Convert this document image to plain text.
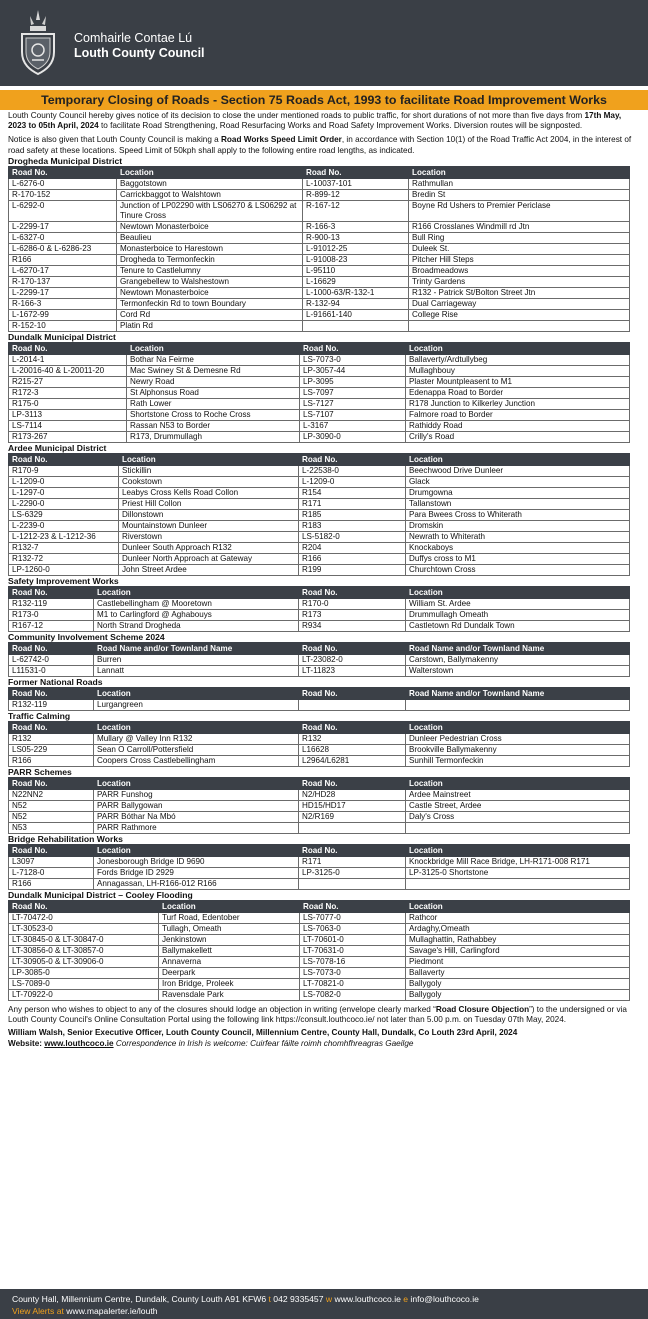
Comhairle Contae Lú
Louth County Council
Temporary Closing of Roads - Section 75 Roads Act, 1993 to facilitate Road Improvement Works

Louth County Council hereby gives notice of its decision to close the under mentioned roads to public traffic, for short durations of not more than five days from 17th May, 2023 to 05th April, 2024 to facilitate Road Strengthening, Road Resurfacing Works and Road Safety Improvement Works. Diversion routes will be signposted.

Notice is also given that Louth County Council is making a Road Works Speed Limit Order, in accordance with Section 10(1) of the Road Traffic Act 2004, in the interest of road safety at these locations. Speed Limit of 50kph shall apply to the following entire road lengths, as indicated.

Drogheda Municipal District
Road No.	Location	Road No.	Location
L-6276-0	Baggotstown	L-10037-101	Rathmullan
R-170-152	Carrickbaggot to Walshtown	R-899-12	Bredin St
L-6292-0	Junction of LP02290 with LS06270 & LS06292 at Tinure Cross	R-167-12	Boyne Rd Ushers to Premier Periclase
L-2299-17	Newtown Monasterboice	R-166-3	R166 Crosslanes Windmill rd Jtn
L-6327-0	Beaulieu	R-900-13	Bull Ring
L-6286-0 & L-6286-23	Monasterboice to Harestown	L-91012-25	Duleek St.
R166	Drogheda to Termonfeckin	L-91008-23	Pitcher Hill Steps
L-6270-17	Tenure to Castlelumny	L-95110	Broadmeadows
R-170-137	Grangebellew to Walshestown	L-16629	Trinty Gardens
L-2299-17	Newtown Monasterboice	L-1000-63/R-132-1	R132 - Patrick St/Bolton Street Jtn
R-166-3	Termonfeckin Rd to town Boundary	R-132-94	Dual Carriageway
L-1672-99	Cord Rd	L-91661-140	College Rise
R-152-10	Platin Rd		
Dundalk Municipal District
Road No.	Location	Road No.	Location
L-2014-1	Bothar Na Feirme	LS-7073-0	Ballaverty/Ardtullybeg
L-20016-40 & L-20011-20	Mac Swiney St & Demesne Rd	LP-3057-44	Mullaghbouy
R215-27	Newry Road	LP-3095	Plaster Mountpleasent to M1
R172-3	St Alphonsus Road	LS-7097	Edenappa Road to Border
R175-0	Rath Lower	LS-7127	R178 Junction to Kilkerley Junction
LP-3113	Shortstone Cross to Roche Cross	LS-7107	Falmore road to Border
LS-7114	Rassan N53 to Border	L-3167	Rathiddy Road
R173-267	R173, Drummullagh	LP-3090-0	Crilly's Road
Ardee Municipal District
Road No.	Location	Road No.	Location
R170-9	Stickillin	L-22538-0	Beechwood Drive Dunleer
L-1209-0	Cookstown	L-1209-0	Glack
L-1297-0	Leabys Cross Kells Road Collon	R154	Drumgowna
L-2290-0	Priest Hill Collon	R171	Tallanstown
LS-6329	Dillonstown	R185	Para Bwees Cross to Whiterath
L-2239-0	Mountainstown Dunleer	R183	Dromskin
L-1212-23 & L-1212-36	Riverstown	LS-5182-0	Newrath to Whiterath
R132-7	Dunleer South Approach R132	R204	Knockaboys
R132-72	Dunleer North Approach at Gateway	R166	Duffys cross to M1
LP-1260-0	John Street Ardee	R199	Churchtown Cross
Safety Improvement Works
Road No.	Location	Road No.	Location
R132-119	Castlebellingham @ Mooretown	R170-0	William St. Ardee
R173-0	M1 to Carlingford @ Aghabouys	R173	Drummullagh Omeath
R167-12	North Strand Drogheda	R934	Castletown Rd Dundalk Town
Community Involvement Scheme 2024
Road No.	Road Name and/or Townland Name	Road No.	Road Name and/or Townland Name
L-62742-0	Burren	LT-23082-0	Carstown, Ballymakenny
L11531-0	Lannatt	LT-11823	Walterstown
Former National Roads
Road No.	Location	Road No.	Road Name and/or Townland Name
R132-119	Lurgangreen		
Traffic Calming
Road No.	Location	Road No.	Location
R132	Mullary @ Valley Inn R132	R132	Dunleer Pedestrian Cross
LS05-229	Sean O Carroll/Pottersfield	L16628	Brookville Ballymakenny
R166	Coopers Cross Castlebellingham	L2964/L6281	Sunhill Termonfeckin
PARR Schemes
Road No.	Location	Road No.	Location
N22NN2	PARR Funshog	N2/HD28	Ardee Mainstreet
N52	PARR Ballygowan	HD15/HD17	Castle Street, Ardee
N52	PARR Bóthar Na Mbó	N2/R169	Daly's Cross
N53	PARR Rathmore		
Bridge Rehabilitation Works
Road No.	Location	Road No.	Location
L3097	Jonesborough Bridge ID 9690	R171	Knockbridge Mill Race Bridge, LH-R171-008 R171
L-7128-0	Fords Bridge ID 2929	LP-3125-0	LP-3125-0 Shortstone
R166	Annagassan, LH-R166-012 R166		
Dundalk Municipal District – Cooley Flooding
Road No.	Location	Road No.	Location
LT-70472-0	Turf Road, Edentober	LS-7077-0	Rathcor
LT-30523-0	Tullagh, Omeath	LS-7063-0	Ardaghy,Omeath
LT-30845-0 & LT-30847-0	Jenkinstown	LT-70601-0	Mullaghattin, Rathabbey
LT-30856-0 & LT-30857-0	Ballymakellett	LT-70631-0	Savage's Hill, Carlingford
LT-30905-0 & LT-30906-0	Annaverna	LS-7078-16	Piedmont
LP-3085-0	Deerpark	LS-7073-0	Ballaverty
LS-7089-0	Iron Bridge, Proleek	LT-70821-0	Ballygoly
LT-70922-0	Ravensdale Park	LS-7082-0	Ballygoly

Any person who wishes to object to any of the closures should lodge an objection in writing (envelope clearly marked “Road Closure Objection”) to the undersigned or via Louth County Council's Online Consultation Portal using the following link https://consult.louthcoco.ie/ not later than 5.00 p.m. on Tuesday 07th May, 2024.

William Walsh, Senior Executive Officer, Louth County Council, Millennium Centre, County Hall, Dundalk, Co Louth 23rd April, 2024

Website: www.louthcoco.ie Correspondence in Irish is welcome: Cuirfear fáilte roimh chomhfhreagras Gaeilge

County Hall, Millennium Centre, Dundalk, County Louth A91 KFW6 t 042 9335457 w www.louthcoco.ie e info@louthcoco.ie
View Alerts at www.mapalerter.ie/louth
